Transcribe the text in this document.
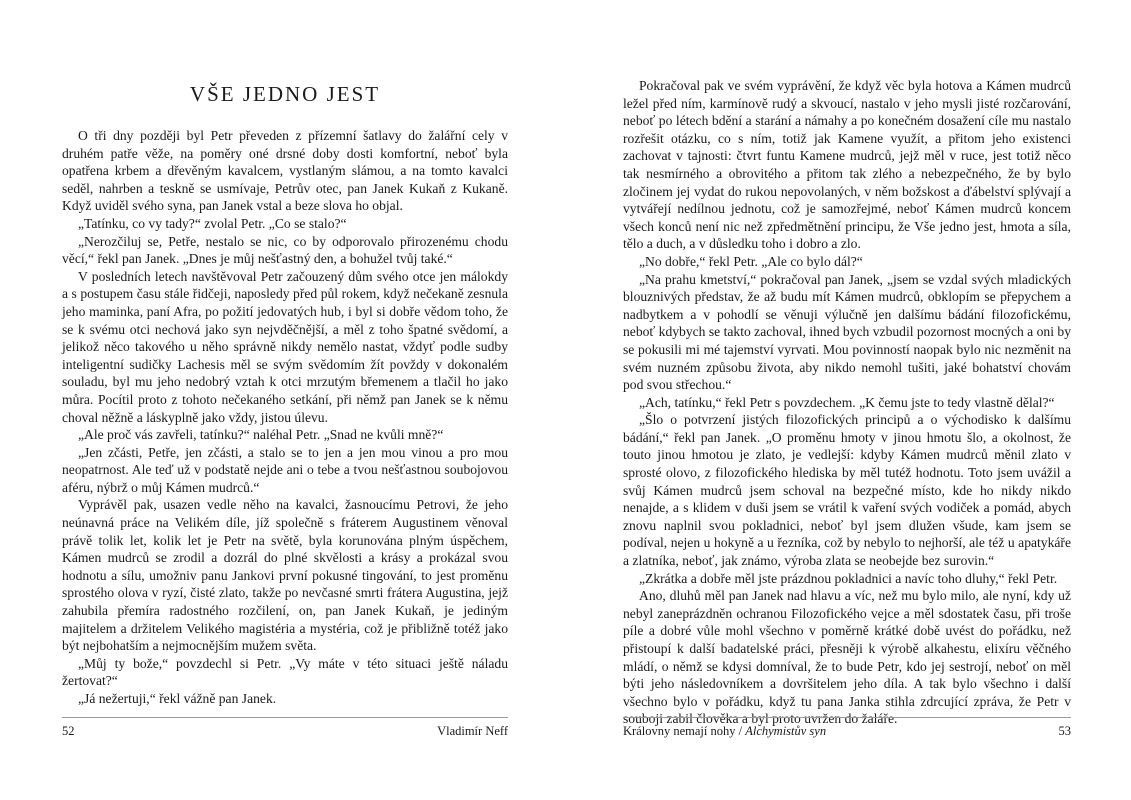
VŠE JEDNO JEST

O tři dny později byl Petr převeden z přízemní šatlavy do žalářní cely v druhém patře věže, na poměry oné drsné doby dosti komfortní, neboť byla opatřena krbem a dřevěným kavalcem, vystlaným slámou, a na tomto kavalci seděl, nahrben a teskně se usmívaje, Petrův otec, pan Janek Kukaň z Kukaně. Když uviděl svého syna, pan Janek vstal a beze slova ho objal.

„Tatínku, co vy tady?“ zvolal Petr. „Co se stalo?“

„Nerozčiluj se, Petře, nestalo se nic, co by odporovalo přirozenému chodu věcí,“ řekl pan Janek. „Dnes je můj nešťastný den, a bohužel tvůj také.“

V posledních letech navštěvoval Petr začouzený dům svého otce jen málokdy a s postupem času stále řidčeji, naposledy před půl rokem, když nečekaně zesnula jeho maminka, paní Afra, po požití jedovatých hub, i byl si dobře vědom toho, že se k svému otci nechová jako syn nejvděčnější, a měl z toho špatné svědomí, a jelikož něco takového u něho správně nikdy nemělo nastat, vždyť podle sudby inteligentní sudičky Lachesis měl se svým svědomím žít povždy v dokonalém souladu, byl mu jeho nedobrý vztah k otci mrzutým břemenem a tlačil ho jako můra. Pocítil proto z tohoto nečekaného setkání, při němž pan Janek se k němu choval něžně a láskyplně jako vždy, jistou úlevu.

„Ale proč vás zavřeli, tatínku?“ naléhal Petr. „Snad ne kvůli mně?“

„Jen zčásti, Petře, jen zčásti, a stalo se to jen a jen mou vinou a pro mou neopatrnost. Ale teď už v podstatě nejde ani o tebe a tvou nešťastnou soubojovou aféru, nýbrž o můj Kámen mudrců.“

Vyprávěl pak, usazen vedle něho na kavalci, žasnoucímu Petrovi, že jeho neúnavná práce na Velikém díle, jíž společně s fráterem Augustinem věnoval právě tolik let, kolik let je Petr na světě, byla korunována plným úspěchem, Kámen mudrců se zrodil a dozrál do plné skvělosti a krásy a prokázal svou hodnotu a sílu, umožniv panu Jankovi první pokusné tingování, to jest proměnu sprostého olova v ryzí, čisté zlato, takže po nevčasné smrti frátera Augustina, jejž zahubila přemíra radostného rozčilení, on, pan Janek Kukaň, je jediným majitelem a držitelem Velikého magistéria a mystéria, což je přibližně totéž jako být nejbohatším a nejmocnějším mužem světa.

„Můj ty bože,“ povzdechl si Petr. „Vy máte v této situaci ještě náladu žertovat?“

„Já nežertuji,“ řekl vážně pan Janek.

52	Vladimír Neff

Pokračoval pak ve svém vyprávění, že když věc byla hotova a Kámen mudrců ležel před ním, karmínově rudý a skvoucí, nastalo v jeho mysli jisté rozčarování, neboť po létech bdění a starání a námahy a po konečném dosažení cíle mu nastalo rozřešit otázku, co s ním, totiž jak Kamene využít, a přitom jeho existenci zachovat v tajnosti: čtvrt funtu Kamene mudrců, jejž měl v ruce, jest totiž něco tak nesmírného a obrovitého a přitom tak zlého a nebezpečného, že by bylo zločinem jej vydat do rukou nepovolaných, v něm božskost a ďábelství splývají a vytvářejí nedílnou jednotu, což je samozřejmé, neboť Kámen mudrců koncem všech konců není nic než zpředmětnění principu, že Vše jedno jest, hmota a síla, tělo a duch, a v důsledku toho i dobro a zlo.

„No dobře,“ řekl Petr. „Ale co bylo dál?“

„Na prahu kmetství,“ pokračoval pan Janek, „jsem se vzdal svých mladických blouznivých představ, že až budu mít Kámen mudrců, obklopím se přepychem a nadbytkem a v pohodlí se věnuji výlučně jen dalšímu bádání filozofickému, neboť kdybych se takto zachoval, ihned bych vzbudil pozornost mocných a oni by se pokusili mi mé tajemství vyrvati. Mou povinností naopak bylo nic nezměnit na svém nuzném způsobu života, aby nikdo nemohl tušiti, jaké bohatství chovám pod svou střechou.“

„Ach, tatínku,“ řekl Petr s povzdechem. „K čemu jste to tedy vlastně dělal?“

„Šlo o potvrzení jistých filozofických principů a o východisko k dalšímu bádání,“ řekl pan Janek. „O proměnu hmoty v jinou hmotu šlo, a okolnost, že touto jinou hmotou je zlato, je vedlejší: kdyby Kámen mudrců měnil zlato v sprosté olovo, z filozofického hlediska by měl tutéž hodnotu. Toto jsem uvážil a svůj Kámen mudrců jsem schoval na bezpečné místo, kde ho nikdy nikdo nenajde, a s klidem v duši jsem se vrátil k vaření svých vodiček a pomád, abych znovu naplnil svou pokladnici, neboť byl jsem dlužen všude, kam jsem se podíval, nejen u hokyně a u řezníka, což by nebylo to nejhorší, ale též u apatykáře a zlatníka, neboť, jak známo, výroba zlata se neobejde bez surovin.“

„Zkrátka a dobře měl jste prázdnou pokladnici a navíc toho dluhy,“ řekl Petr.

Ano, dluhů měl pan Janek nad hlavu a víc, než mu bylo milo, ale nyní, kdy už nebyl zaneprázdněn ochranou Filozofického vejce a měl sdostatek času, při troše píle a dobré vůle mohl všechno v poměrně krátké době uvést do pořádku, než přistoupí k další badatelské práci, přesněji k výrobě alkahestu, elixíru věčného mládí, o němž se kdysi domníval, že to bude Petr, kdo jej sestrojí, neboť on měl býti jeho následovníkem a dovršitelem jeho díla. A tak bylo všechno i další všechno bylo v pořádku, když tu pana Janka stihla zdrcující zpráva, že Petr v souboji zabil člověka a byl proto uvržen do žaláře.

Královny nemají nohy / Alchymistův syn	53
